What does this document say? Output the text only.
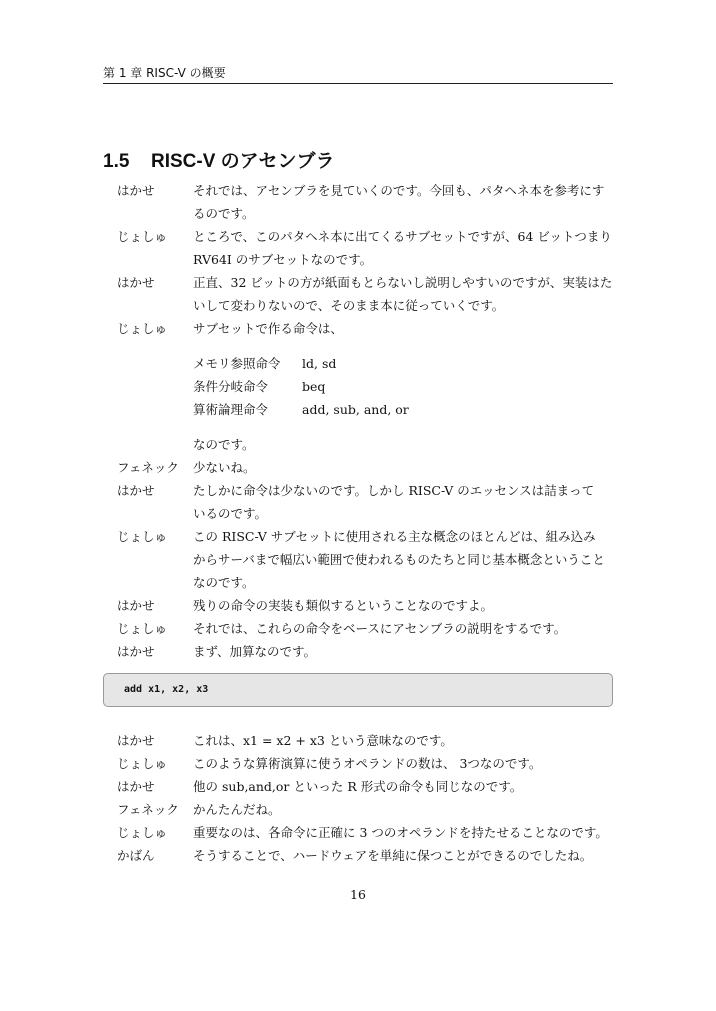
第 1 章 RISC-V の概要
1.5 RISC-V のアセンブラ
はかせ	それでは、アセンブラを見ていくのです。今回も、パタヘネ本を参考にす
るのです。
じょしゅ	ところで、このパタヘネ本に出てくるサブセットですが、64 ビットつまり
RV64I のサブセットなのです。
はかせ	正直、32 ビットの方が紙面もとらないし説明しやすいのですが、実装はた
いして変わりないので、そのまま本に従っていくです。
じょしゅ	サブセットで作る命令は、
メモリ参照命令	ld, sd
条件分岐命令	beq
算術論理命令	add, sub, and, or
なのです。
フェネック	少ないね。
はかせ	たしかに命令は少ないのです。しかし RISC-V のエッセンスは詰まって
いるのです。
じょしゅ	この RISC-V サブセットに使用される主な概念のほとんどは、組み込み
からサーバまで幅広い範囲で使われるものたちと同じ基本概念ということ
なのです。
はかせ	残りの命令の実装も類似するということなのですよ。
じょしゅ	それでは、これらの命令をベースにアセンブラの説明をするです。
はかせ	まず、加算なのです。
add x1, x2, x3
はかせ	これは、x1 = x2 + x3 という意味なのです。
じょしゅ	このような算術演算に使うオペランドの数は、 3つなのです。
はかせ	他の sub,and,or といった R 形式の命令も同じなのです。
フェネック	かんたんだね。
じょしゅ	重要なのは、各命令に正確に 3 つのオペランドを持たせることなのです。
かばん	そうすることで、ハードウェアを単純に保つことができるのでしたね。
16
